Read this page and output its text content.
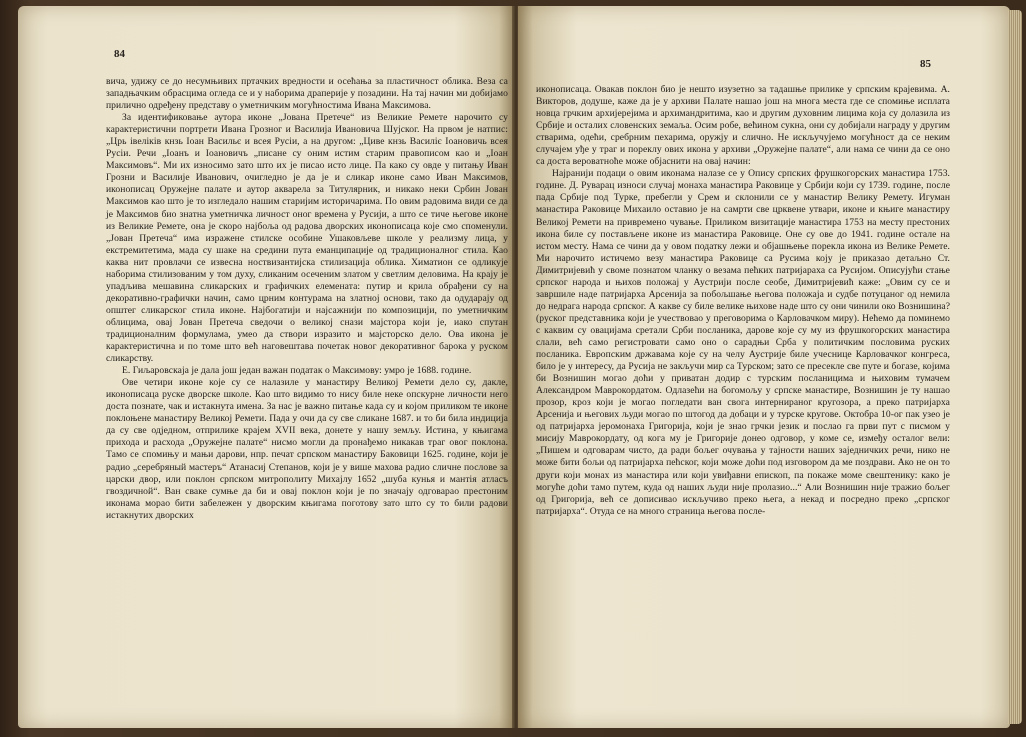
84

вича, удижу се до несумњивих пртачких вредности и осећања за пластичност облика. Веза са западњачким обрасцима огледа се и у наборима драперије у позадини. На тај начин ми добијамо прилично одређену представу о уметничким могућностима Ивана Максимова.

За идентификовање аутора иконе „Јована Претече“ из Великие Ремете нарочито су карактеристични портрети Ивана Грозног и Василија Ивановича Шујског. На првом је натпис: „Црь івеліків кнзь Іоан Васильє и всея Русіи, а на другом: „Циве кнзь Василіє Іоановичь всея Русіи. Речи „Іоанъ и Іоановичъ „писане су оним истим старим правописом као и „Іоан Максимовъ“. Ми их износимо зато што их је писао исто лице. Па како су овде у питању Иван Грозни и Василије Иванович, очигледно је да је и сликар иконе само Иван Максимов, иконописац Оружејне палате и аутор акварела за Титулярник, и никако неки Србин Јован Максимов као што је то изгледало нашим старијим историчарима. По овим радовима види се да је Максимов био знатна уметничка личност оног времена у Русији, а што се тиче његове иконе из Великие Ремете, она је скоро најбоља од радова дворских иконописаца које смо споменули. „Јован Претеча“ има изражене стилске особине Ушаковљеве школе у реализму лица, у екстремитетима, мада су шаке на средини пута еманципације од традиционалног стила. Као каква нит провлачи се извесна ноствизантијска стилизација облика. Химатион се одликује наборима стилизованим у том духу, сликаним осеченим златом у светлим деловима. На крају је упадљива мешавина сликарских и графичких елемената: путир и крила обрађени су на декоративно-графички начин, само црним контурама на златној основи, тако да одударају од општег сликарског стила иконе. Најбогатији и најсажнији по композицији, по уметничким облицима, овај Јован Претеча сведочи о великој снази мајстора који је, иако спутан традиционалним формулама, умео да створи изразито и мајсторско дело. Ова икона је карактеристична и по томе што већ наговештава почетак новог декоративног барока у руском сликарству.

Е. Гиљаровскаја је дала још један важан податак о Максимову: умро је 1688. године.

Ове четири иконе које су се налазиле у манастиру Великој Ремети дело су, дакле, иконописаца руске дворске школе. Као што видимо то нису биле неке опскурне личности него доста познате, чак и истакнута имена. За нас је важно питање када су и којом приликом те иконе поклоњене манастиру Великој Ремети. Пада у очи да су све сликане 1687. и то би била индиција да су све одједном, отприлике крајем XVII века, донете у нашу земљу. Истина, у књигама прихода и расхода „Оружејне палате“ нисмо могли да пронађемо никакав траг овог поклона. Тамо се спомињу и мањи дарови, нпр. печат српском манастиру Баковици 1625. године, који је радио „серебряный мастеръ“ Атанасиј Степанов, који је у више махова радио сличне послове за царски двор, или поклон српском митрополиту Михајлу 1652 „шуба кунья и мантія атласъ гвоздичной“. Ван сваке сумње да би и овај поклон који је по значају одговарао престоним иконама морао бити забележен у дворским књигама поготову зато што су то били радови истакнутих дворских

85

иконописаца. Овакав поклон био је нешто изузетно за тадашње прилике у српским крајевима. А. Викторов, додуше, каже да је у архиви Палате нашао још на многа места где се спомиње исплата новца грчким архијерејима и архимандритима, као и другим духовним лицима која су долазила из Србије и осталих словенских земаља. Осим робе, већином сукна, они су добијали награду у другим стварима, одећи, сребрним пехарима, оружју и слично. Не искључујемо могућност да се неким случајем уђе у траг и пореклу ових икона у архиви „Оружејне палате“, али нама се чини да се оно са доста вероватноће може објаснити на овај начин:

Најранији подаци о овим иконама налазе се у Опису српских фрушкогорских манастира 1753. године. Д. Руварац износи случај монаха манастира Раковице у Србији који су 1739. године, после пада Србије под Турке, пребегли у Срем и склонили се у манастир Велику Ремету. Игуман манастира Раковице Михаило оставио је на самрти све црквене утвари, иконе и књиге манастиру Великој Ремети на привремено чување. Приликом визитације манастира 1753 на месту престоних икона биле су постављене иконе из манастира Раковице. Оне су ове до 1941. године остале на истом месту. Нама се чини да у овом податку лежи и објашњење порекла икона из Велике Ремете. Ми нарочито истичемо везу манастира Раковице са Русима коју је приказао детаљно Ст. Димитријевић у своме познатом чланку о везама пећких патријараха са Русијом. Описујући стање српског народа и њихов положај у Аустрији после сеобе, Димитријевић каже: „Овим су се и завршиле наде патријарха Арсенија за побољшање његова положаја и судбе потуцаног од немила до недрага народа српског. А какве су биле велике њихове наде што су они чинили око Вознишина? (руског представника који је учествовао у преговорима о Карловачком миру). Нећемо да поминемо с каквим су овацијама сретали Срби посланика, дарове које су му из фрушкогорских манастира слали, већ само регистровати само оно о сарадњи Срба у политичким пословима руских посланика. Европским државама које су на челу Аустрије биле учеснице Карловачког конгреса, било је у интересу, да Русија не закључи мир са Турском; зато се пресекле све путе и богазе, којима би Вознишин могао доћи у приватан додир с турским посланицима и њиховим тумачем Александром Маврокордатом. Одлазећи на богомољу у српске манастире, Вознишин је ту нашао прозор, кроз који је могао погледати ван свога интернираног кругозора, а преко патријарха Арсенија и његових људи могао по штогод да добаци и у турске кругове. Октобра 10-ог пак узео је од патријарха јеромонаха Григорија, који је знао грчки језик и послао га први пут с писмом у мисију Маврокордату, од кога му је Григорије донео одговор, у коме се, између осталог вели: „Пишем и одговарам чисто, да ради бољег очувања у тајности наших заједничких речи, нико не може бити бољи од патријарха пећског, који може доћи под изговором да ме поздрави. Ако не он то други који монах из манастира или који увиђавни епископ, па покаже моме свештенику: како је могуће доћи тамо путем, куда од наших људи није пролазио...“ Али Вознишин није тражио бољег од Григорија, већ се дописивао искључиво преко њега, а некад и посредно преко „српског патријарха“. Отуда се на много страница његова после-
